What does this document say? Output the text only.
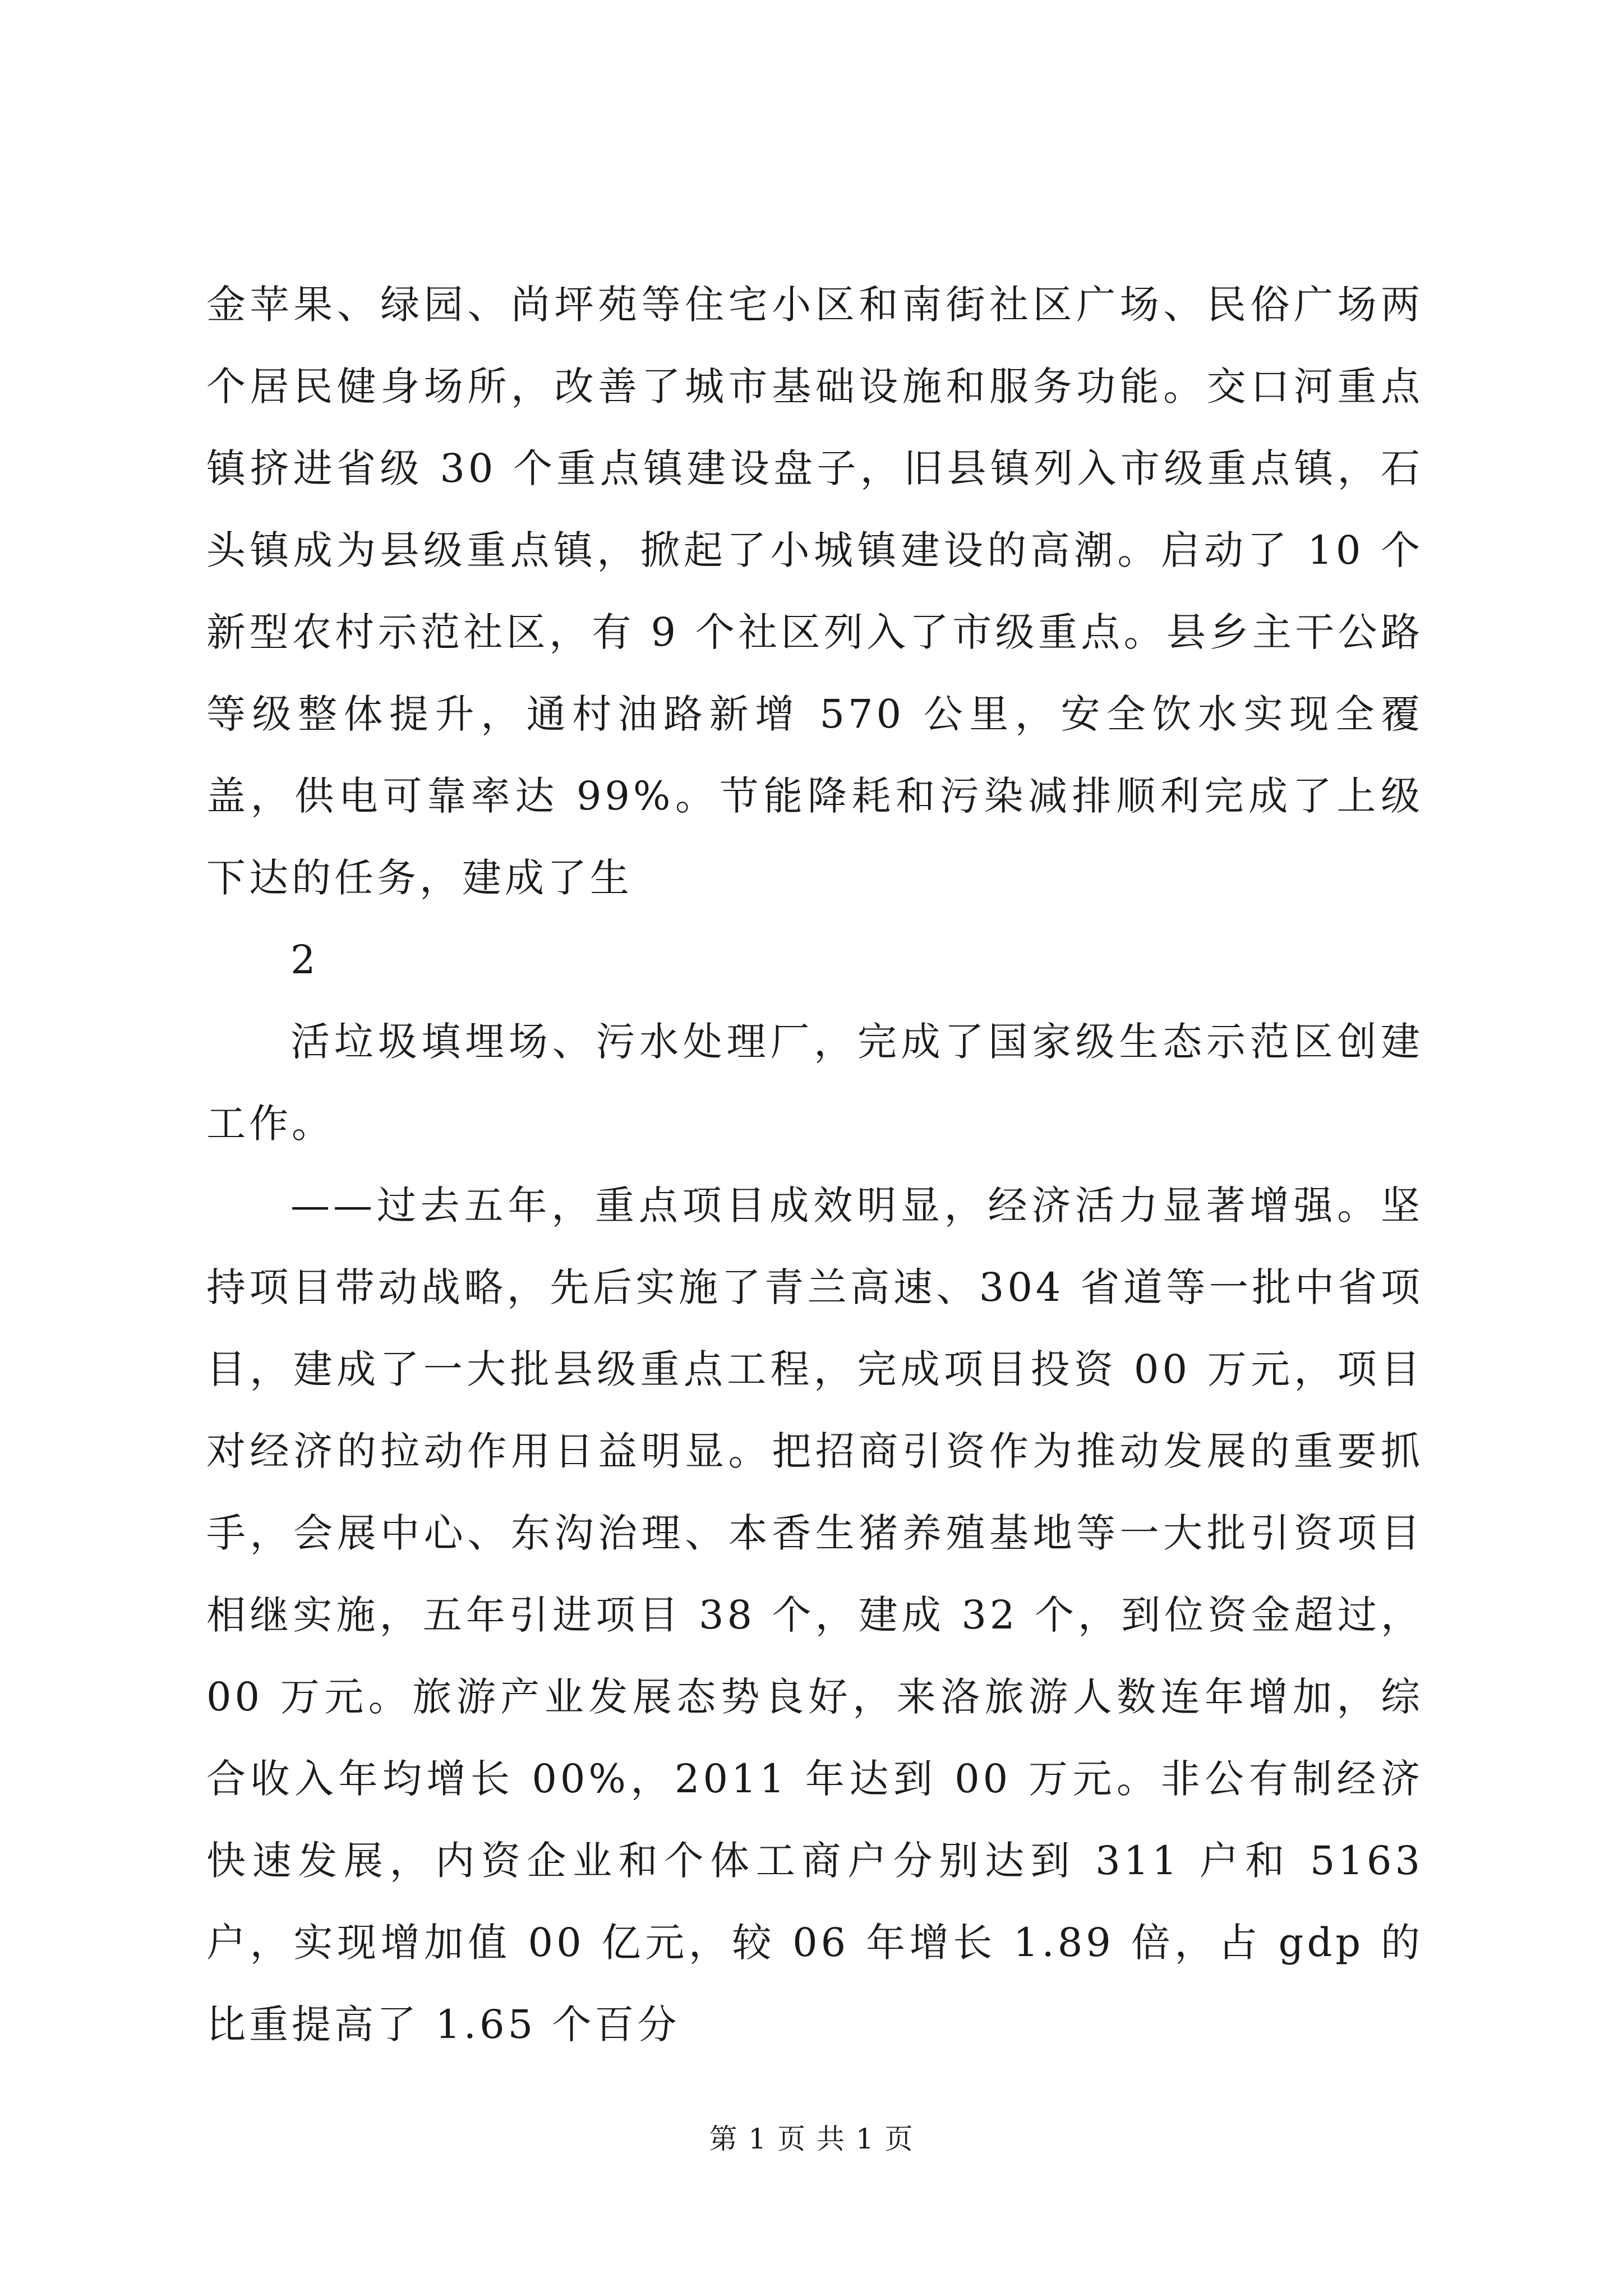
金苹果、绿园、尚坪苑等住宅小区和南街社区广场、民俗广场两个居民健身场所，改善了城市基础设施和服务功能。交口河重点镇挤进省级 30 个重点镇建设盘子，旧县镇列入市级重点镇，石头镇成为县级重点镇，掀起了小城镇建设的高潮。启动了 10 个新型农村示范社区，有 9 个社区列入了市级重点。县乡主干公路等级整体提升，通村油路新增 570 公里，安全饮水实现全覆盖，供电可靠率达 99%。节能降耗和污染减排顺利完成了上级下达的任务，建成了生

2

活垃圾填埋场、污水处理厂，完成了国家级生态示范区创建工作。

——过去五年，重点项目成效明显，经济活力显著增强。坚持项目带动战略，先后实施了青兰高速、304 省道等一批中省项目，建成了一大批县级重点工程，完成项目投资 00 万元，项目对经济的拉动作用日益明显。把招商引资作为推动发展的重要抓手，会展中心、东沟治理、本香生猪养殖基地等一大批引资项目相继实施，五年引进项目 38 个，建成 32 个，到位资金超过，00 万元。旅游产业发展态势良好，来洛旅游人数连年增加，综合收入年均增长 00%，2011 年达到 00 万元。非公有制经济快速发展，内资企业和个体工商户分别达到 311 户和 5163 户，实现增加值 00 亿元，较 06 年增长 1.89 倍，占 gdp 的比重提高了 1.65 个百分

第 1 页 共 1 页
